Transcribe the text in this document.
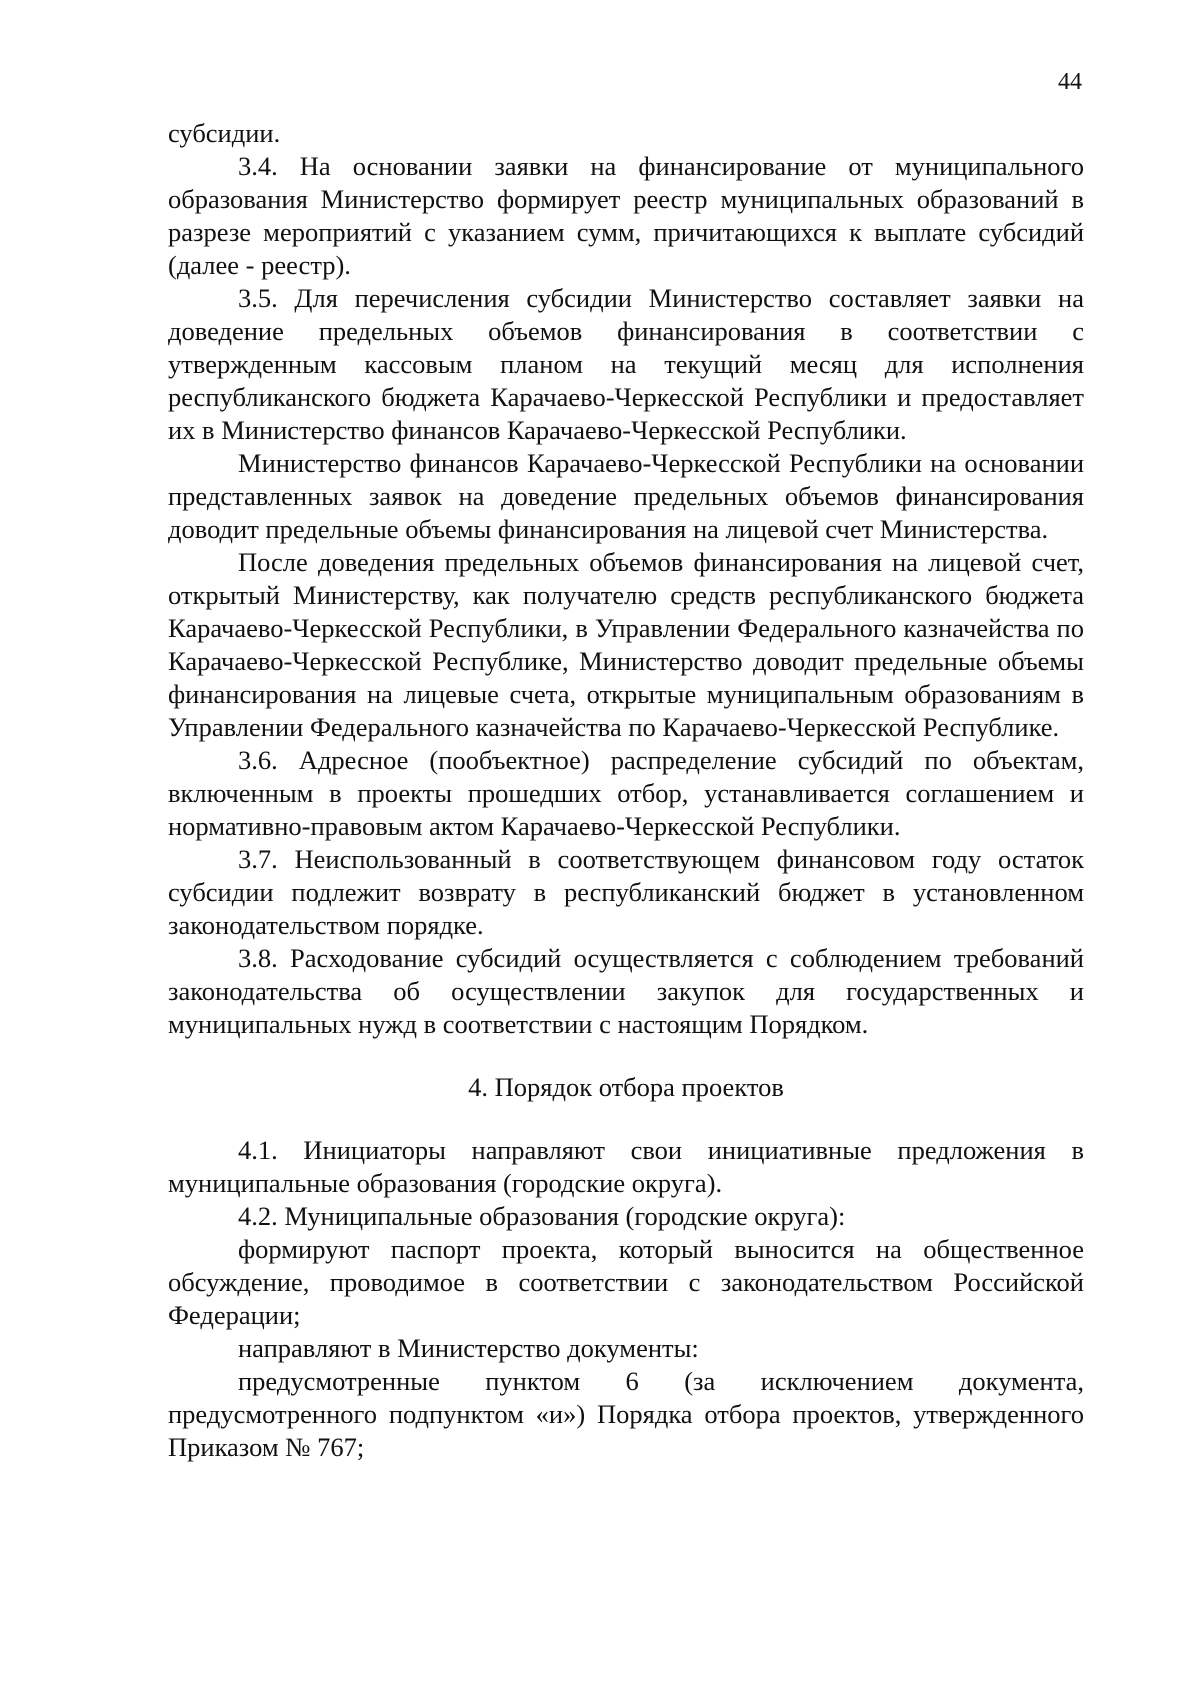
44

субсидии.

3.4. На основании заявки на финансирование от муниципального образования Министерство формирует реестр муниципальных образований в разрезе мероприятий с указанием сумм, причитающихся к выплате субсидий (далее - реестр).

3.5. Для перечисления субсидии Министерство составляет заявки на доведение предельных объемов финансирования в соответствии с утвержденным кассовым планом на текущий месяц для исполнения республиканского бюджета Карачаево-Черкесской Республики и предоставляет их в Министерство финансов Карачаево-Черкесской Республики.

Министерство финансов Карачаево-Черкесской Республики на основании представленных заявок на доведение предельных объемов финансирования доводит предельные объемы финансирования на лицевой счет Министерства.

После доведения предельных объемов финансирования на лицевой счет, открытый Министерству, как получателю средств республиканского бюджета Карачаево-Черкесской Республики, в Управлении Федерального казначейства по Карачаево-Черкесской Республике, Министерство доводит предельные объемы финансирования на лицевые счета, открытые муниципальным образованиям в Управлении Федерального казначейства по Карачаево-Черкесской Республике.

3.6. Адресное (пообъектное) распределение субсидий по объектам, включенным в проекты прошедших отбор, устанавливается соглашением и нормативно-правовым актом Карачаево-Черкесской Республики.

3.7. Неиспользованный в соответствующем финансовом году остаток субсидии подлежит возврату в республиканский бюджет в установленном законодательством порядке.

3.8. Расходование субсидий осуществляется с соблюдением требований законодательства об осуществлении закупок для государственных и муниципальных нужд в соответствии с настоящим Порядком.

4. Порядок отбора проектов

4.1. Инициаторы направляют свои инициативные предложения в муниципальные образования (городские округа).

4.2. Муниципальные образования (городские округа):

формируют паспорт проекта, который выносится на общественное обсуждение, проводимое в соответствии с законодательством Российской Федерации;

направляют в Министерство документы:

предусмотренные пунктом 6 (за исключением документа, предусмотренного подпунктом «и») Порядка отбора проектов, утвержденного Приказом № 767;
